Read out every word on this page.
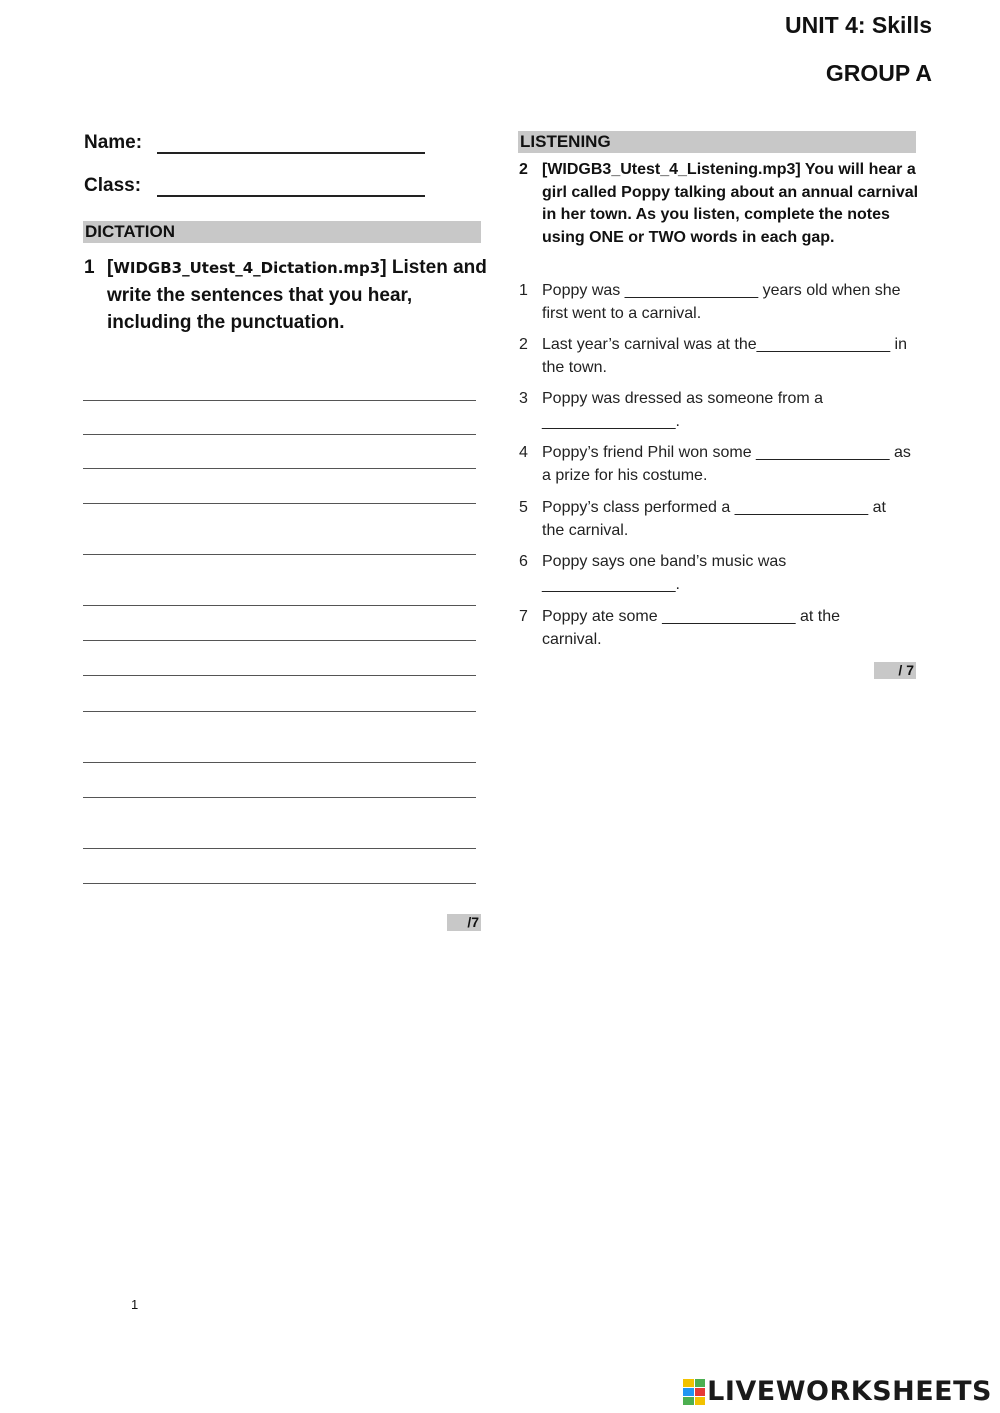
UNIT 4: Skills
GROUP A
Name:
Class:
DICTATION
1 [WIDGB3_Utest_4_Dictation.mp3] Listen and write the sentences that you hear, including the punctuation.
/7
LISTENING
2 [WIDGB3_Utest_4_Listening.mp3] You will hear a girl called Poppy talking about an annual carnival in her town. As you listen, complete the notes using ONE or TWO words in each gap.
1 Poppy was _______________ years old when she first went to a carnival.
2 Last year’s carnival was at the_______________ in the town.
3 Poppy was dressed as someone from a _______________.
4 Poppy’s friend Phil won some _______________ as a prize for his costume.
5 Poppy’s class performed a _______________ at the carnival.
6 Poppy says one band’s music was _______________.
7 Poppy ate some _______________ at the carnival.
/ 7
1
LIVEWORKSHEETS
